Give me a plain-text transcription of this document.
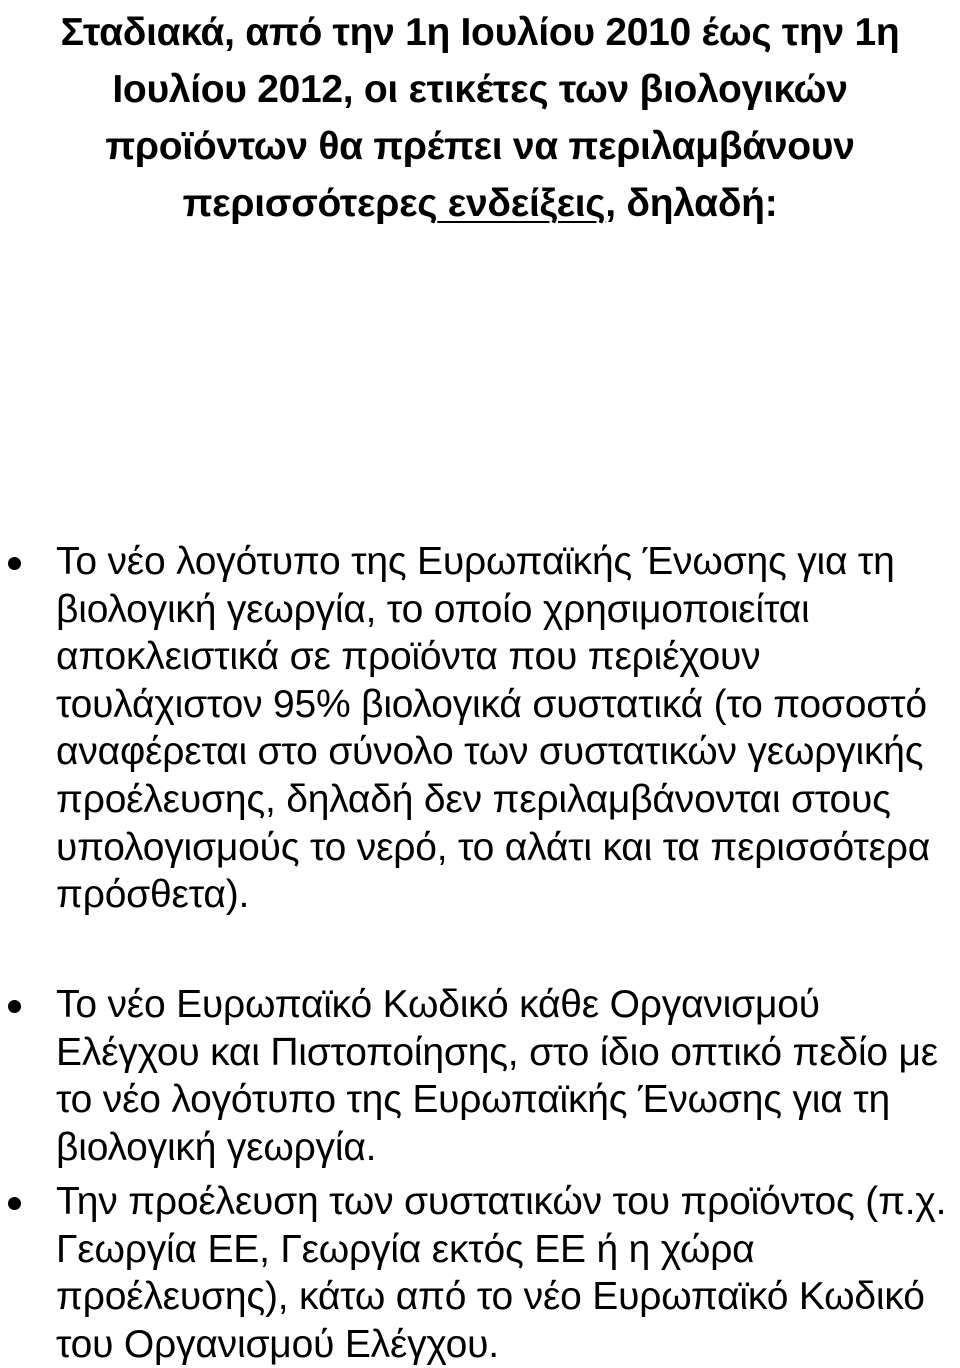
Σταδιακά, από την 1η Ιουλίου 2010 έως την 1η
Ιουλίου 2012, οι ετικέτες των βιολογικών
προϊόντων θα πρέπει να περιλαμβάνουν
περισσότερες ενδείξεις, δηλαδή:

Το νέο λογότυπο της Ευρωπαϊκής Ένωσης για τη βιολογική γεωργία, το οποίο χρησιμοποιείται αποκλειστικά σε προϊόντα που περιέχουν τουλάχιστον 95% βιολογικά συστατικά (το ποσοστό αναφέρεται στο σύνολο των συστατικών γεωργικής προέλευσης, δηλαδή δεν περιλαμβάνονται στους υπολογισμούς το νερό, το αλάτι και τα περισσότερα πρόσθετα).

Το νέο Ευρωπαϊκό Κωδικό κάθε Οργανισμού Ελέγχου και Πιστοποίησης, στο ίδιο οπτικό πεδίο με το νέο λογότυπο της Ευρωπαϊκής Ένωσης για τη βιολογική γεωργία.

Την προέλευση των συστατικών του προϊόντος (π.χ. Γεωργία ΕΕ, Γεωργία εκτός ΕΕ ή η χώρα προέλευσης), κάτω από το νέο Ευρωπαϊκό Κωδικό του Οργανισμού Ελέγχου.
